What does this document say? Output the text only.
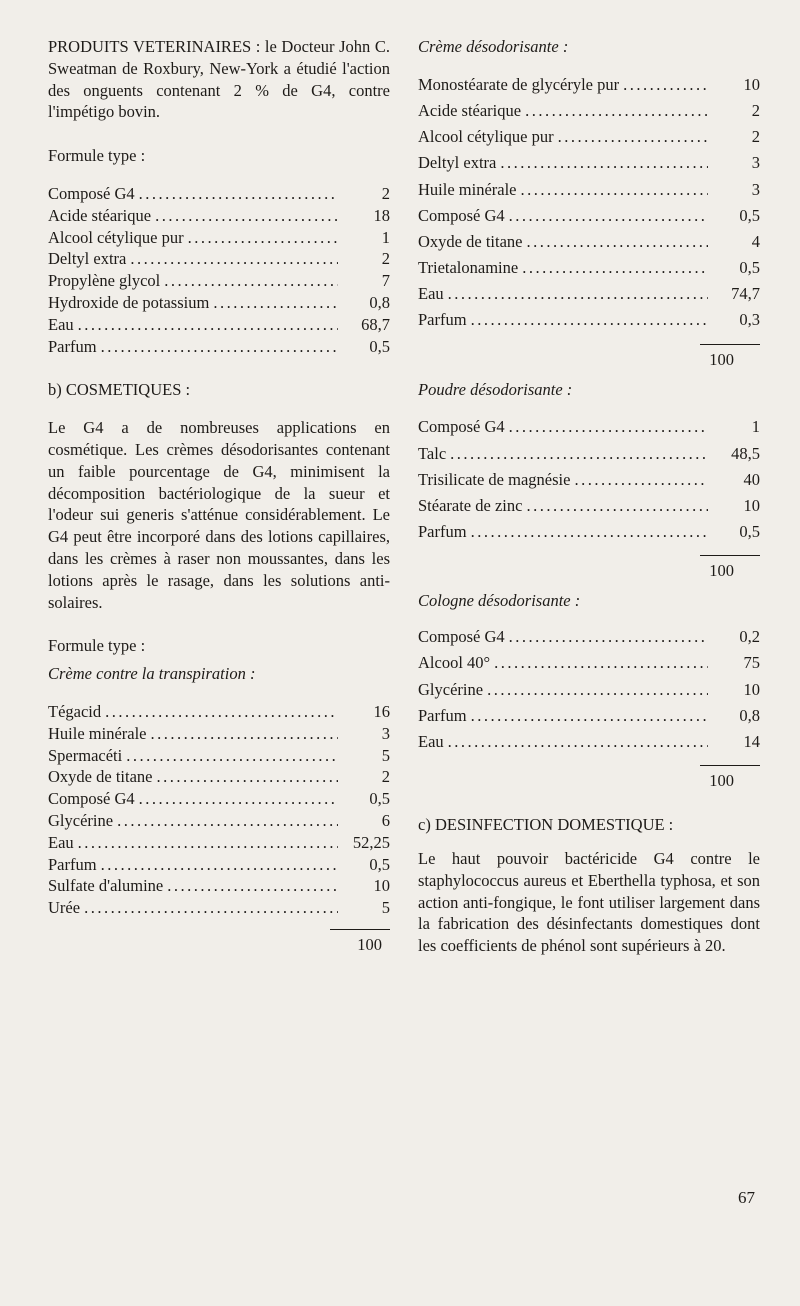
PRODUITS VETERINAIRES : le Docteur John C. Sweatman de Roxbury, New-York a étudié l'action des onguents contenant 2 % de G4, contre l'impétigo bovin.

Formule type :

Composé G4 .....	2
Acide stéarique .....	18
Alcool cétylique pur .....	1
Deltyl extra .....	2
Propylène glycol .....	7
Hydroxide de potassium .....	0,8
Eau .....	68,7
Parfum .....	0,5

b) COSMETIQUES :

Le G4 a de nombreuses applications en cosmétique. Les crèmes désodorisantes contenant un faible pourcentage de G4, minimisent la décomposition bactériologique de la sueur et l'odeur sui generis s'atténue considérablement. Le G4 peut être incorporé dans des lotions capillaires, dans les crèmes à raser non moussantes, dans les lotions après le rasage, dans les solutions anti-solaires.

Formule type :

Crème contre la transpiration :

Tégacid .....	16
Huile minérale .....	3
Spermacéti .....	5
Oxyde de titane .....	2
Composé G4 .....	0,5
Glycérine .....	6
Eau .....	52,25
Parfum .....	0,5
Sulfate d'alumine .....	10
Urée .....	5
100

Crème désodorisante :

Monostéarate de glycéryle pur .....	10
Acide stéarique .....	2
Alcool cétylique pur .....	2
Deltyl extra .....	3
Huile minérale .....	3
Composé G4 .....	0,5
Oxyde de titane .....	4
Trietalonamine .....	0,5
Eau .....	74,7
Parfum .....	0,3
100

Poudre désodorisante :

Composé G4 .....	1
Talc .....	48,5
Trisilicate de magnésie .....	40
Stéarate de zinc .....	10
Parfum .....	0,5
100

Cologne désodorisante :

Composé G4 .....	0,2
Alcool 40° .....	75
Glycérine .....	10
Parfum .....	0,8
Eau .....	14
100

c) DESINFECTION DOMESTIQUE :

Le haut pouvoir bactéricide G4 contre le staphylococcus aureus et Eberthella typhosa, et son action anti-fongique, le font utiliser largement dans la fabrication des désinfectants domestiques dont les coefficients de phénol sont supérieurs à 20.

67
